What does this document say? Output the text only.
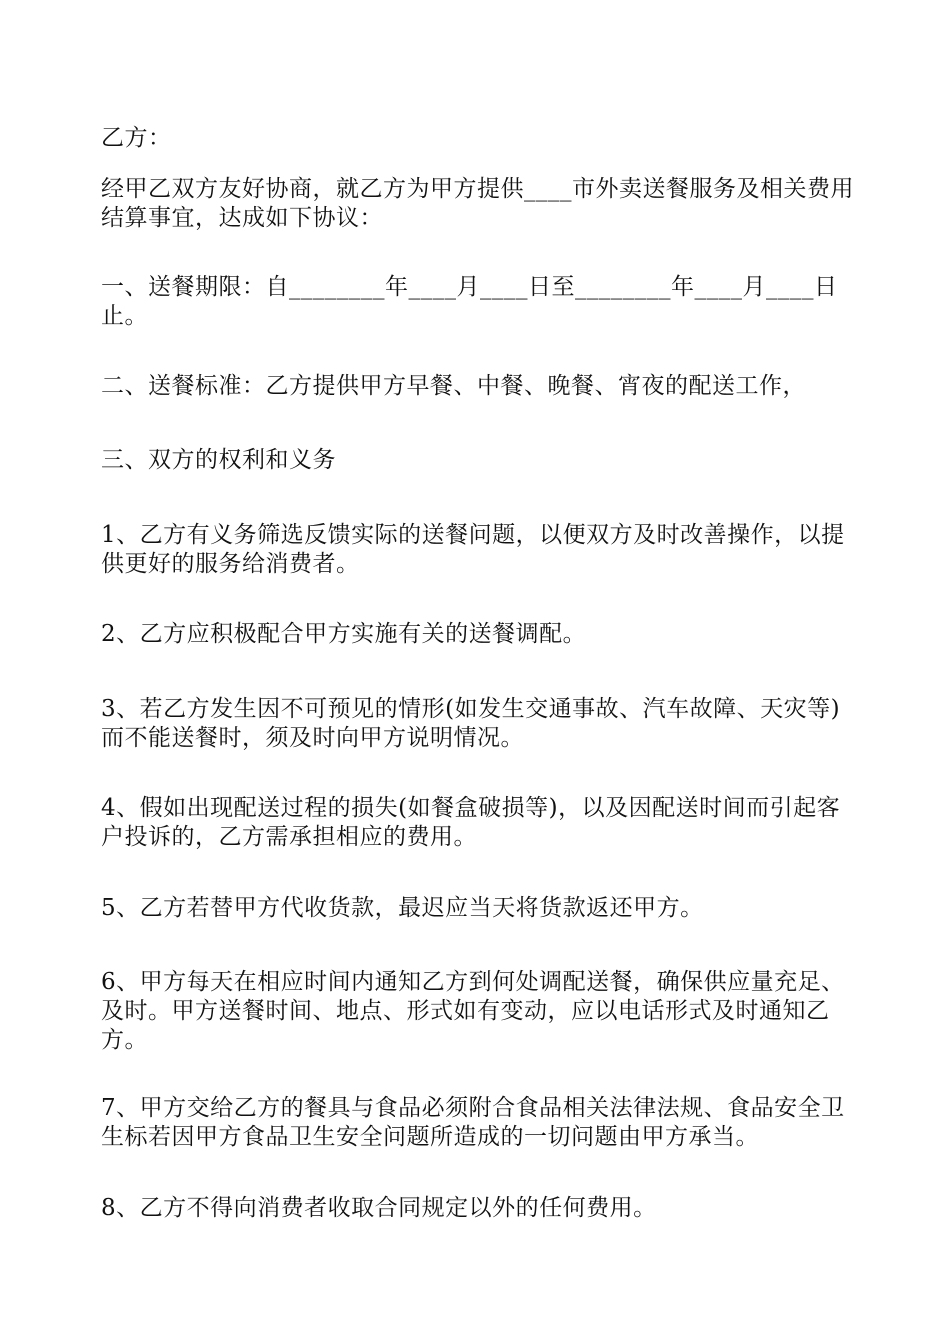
乙方：
经甲乙双方友好协商，就乙方为甲方提供____市外卖送餐服务及相关费用结算事宜，达成如下协议：
一、送餐期限：自________年____月____日至________年____月____日止。
二、送餐标准：乙方提供甲方早餐、中餐、晚餐、宵夜的配送工作，
三、双方的权利和义务
1、乙方有义务筛选反馈实际的送餐问题，以便双方及时改善操作，以提供更好的服务给消费者。
2、乙方应积极配合甲方实施有关的送餐调配。
3、若乙方发生因不可预见的情形(如发生交通事故、汽车故障、天灾等)而不能送餐时，须及时向甲方说明情况。
4、假如出现配送过程的损失(如餐盒破损等)，以及因配送时间而引起客户投诉的，乙方需承担相应的费用。
5、乙方若替甲方代收货款，最迟应当天将货款返还甲方。
6、甲方每天在相应时间内通知乙方到何处调配送餐，确保供应量充足、及时。甲方送餐时间、地点、形式如有变动，应以电话形式及时通知乙方。
7、甲方交给乙方的餐具与食品必须附合食品相关法律法规、食品安全卫生标若因甲方食品卫生安全问题所造成的一切问题由甲方承当。
8、乙方不得向消费者收取合同规定以外的任何费用。
